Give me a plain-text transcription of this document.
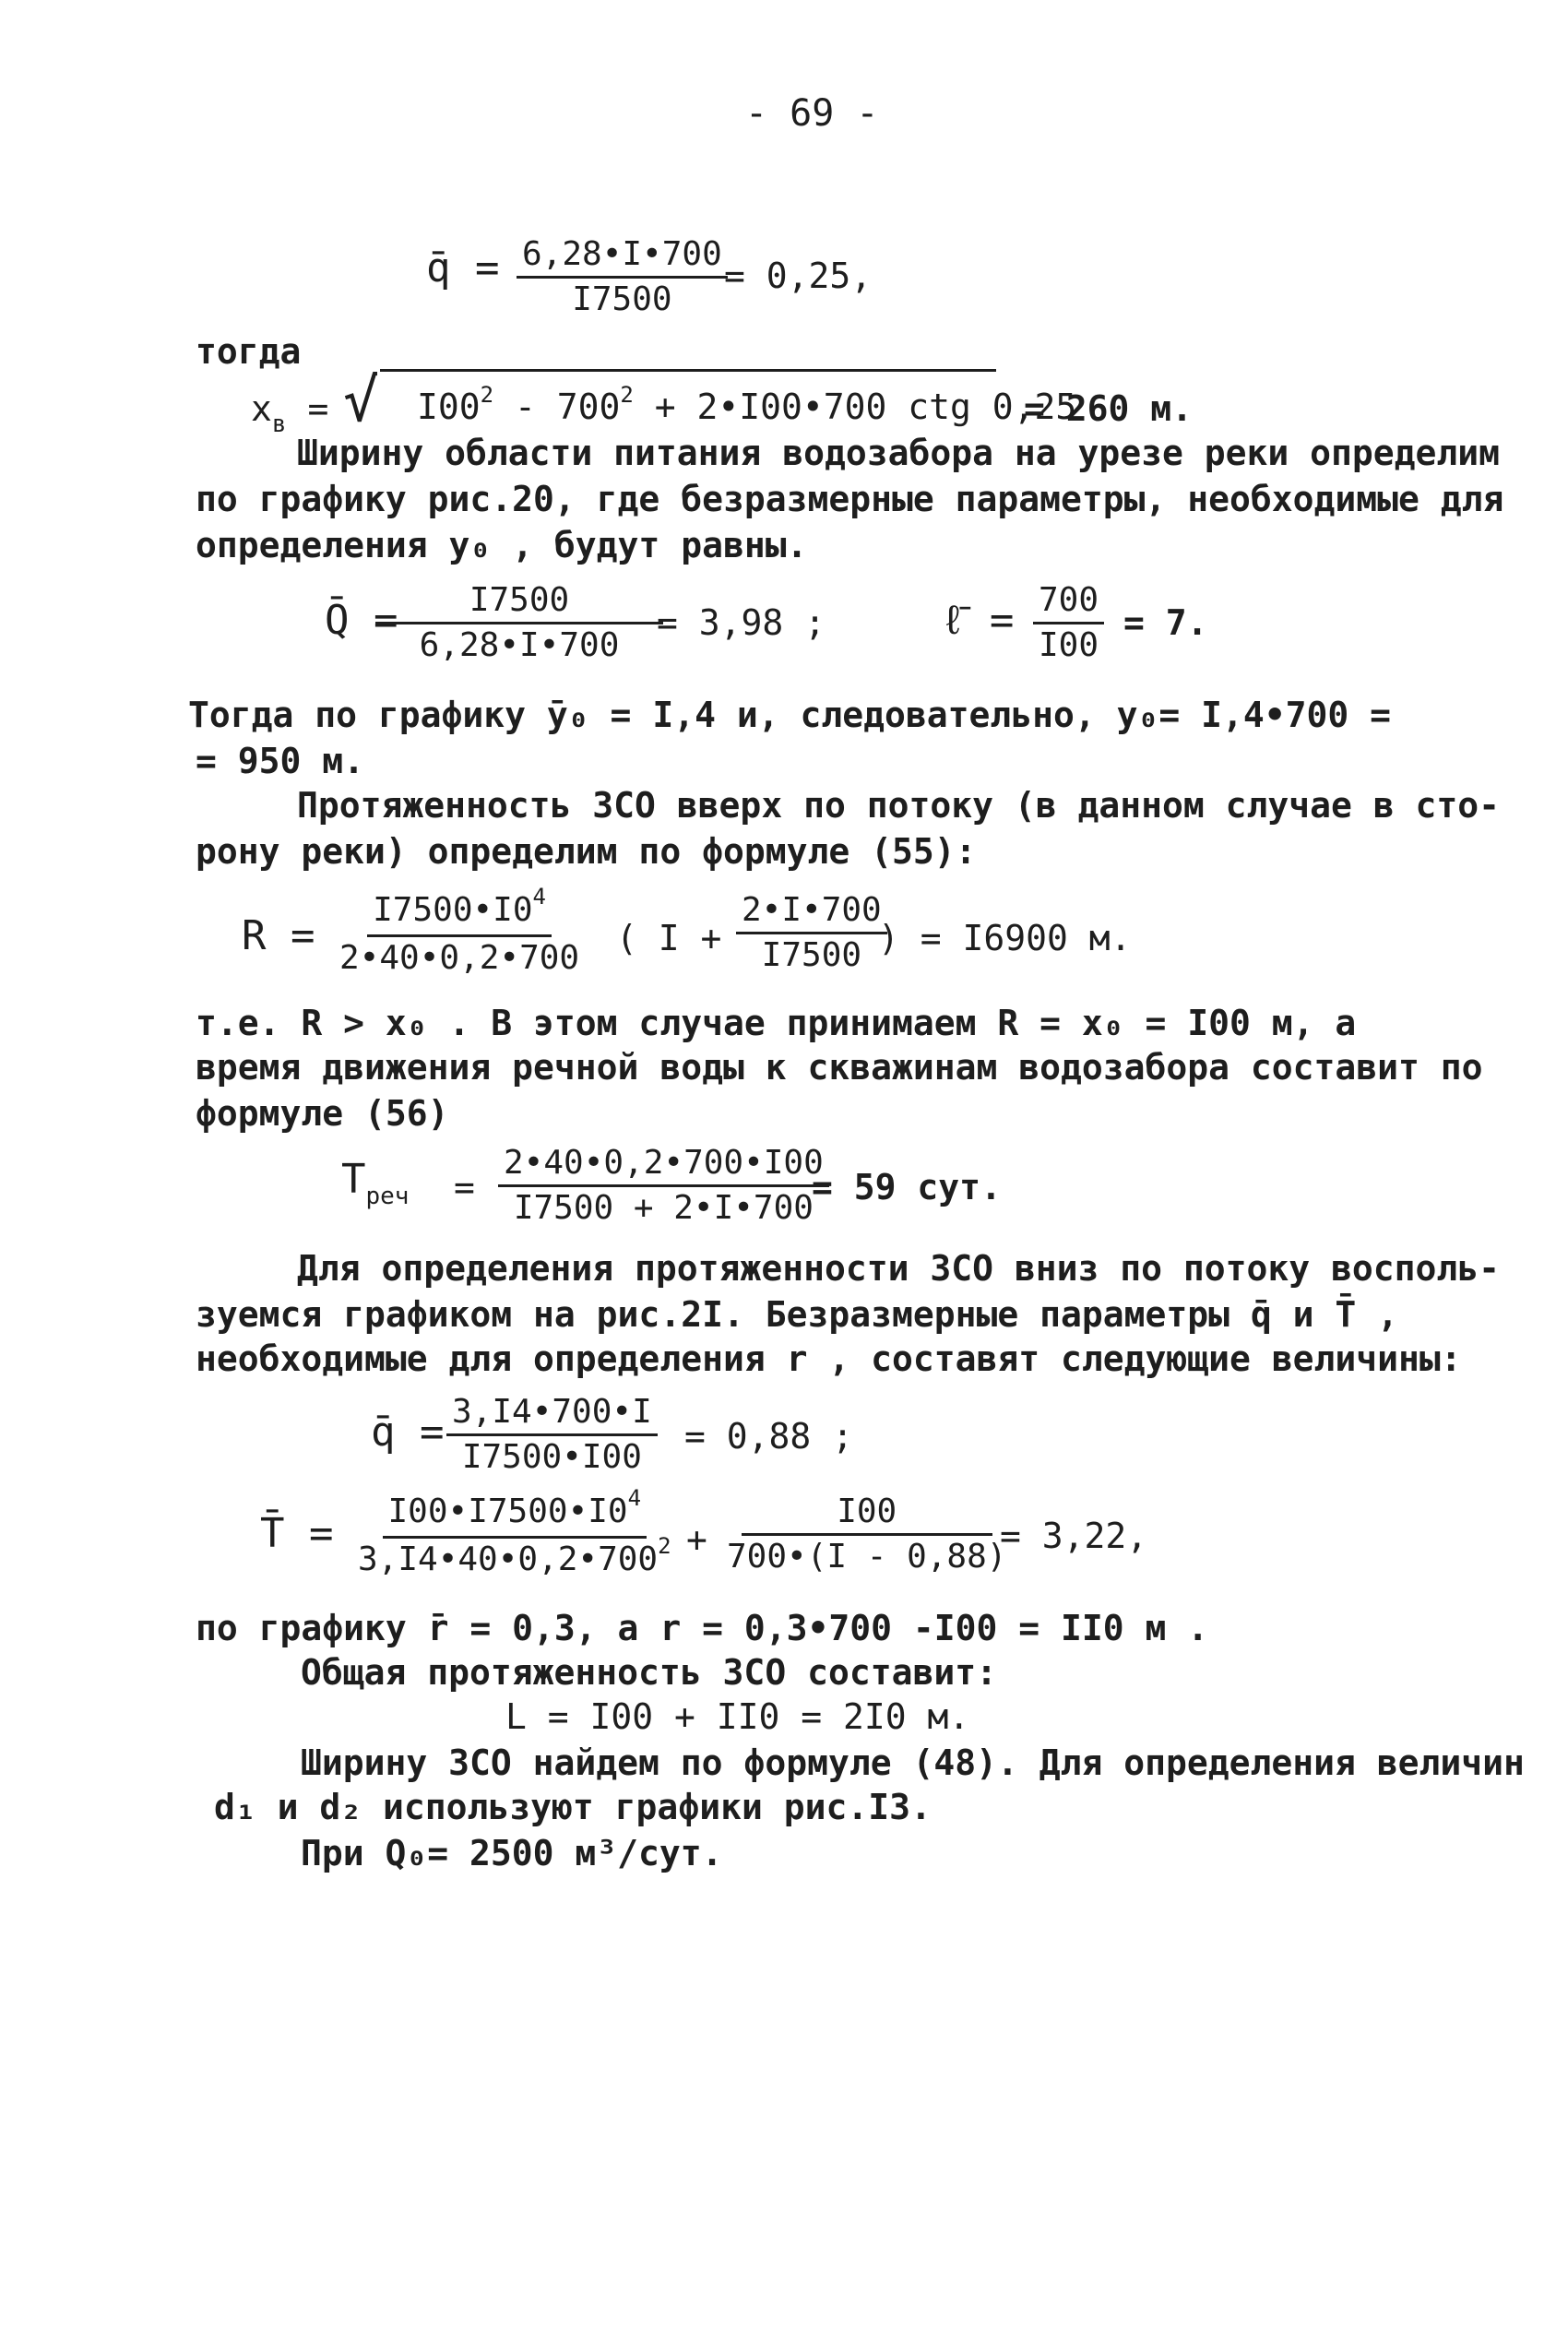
- 69 -
q̄ = $\frac{6,28•I•700}{I7500}$
= 0,25,
тогда
$x_в$ = √ $I00^2 - 700^2$ + 2•I00•700 ctg 0,25
= 260 м.
Ширину области питания водозабора на урезе реки определим
по графику рис.20, где безразмерные параметры, необходимые для
определения y₀ , будут равны.
Q̄ =
$\frac{I7500}{6,28•I•700}$
= 3,98 ;	ℓ̄ = $\frac{700}{I00} = 7$.
Тогда по графику ȳ₀ = I,4 и, следовательно, y₀= I,4•700 =
= 950 м.
Протяженность ЗСО вверх по потоку (в данном случае в сто-
рону реки) определим по формуле (55):
$R = \frac{I7500•I0^4}{2•40•0,2•700}$ ( $I + \frac{2•I•700}{I7500}$
) = I6900 м.
т.е. R > x₀ . В этом случае принимаем R = x₀ = I00 м, а
время движения речной воды к скважинам водозабора составит по
формуле (56)
$T_{реч} = \frac{2•40•0,2•700•I00}{I7500 + 2•I•700}$
= 59 сут.
Для определения протяженности ЗСО вниз по потоку восполь-
зуемся графиком на рис.2I. Безразмерные параметры q̄ и T̄ ,
необходимые для определения r , составят следующие величины:
q̄ = $\frac{3,I4•700•I}{I7500•I00} = 0,88$ ;
T̄ = $\frac{I00•I7500•I0^4}{3,I4•40•0,2•700^2} + \frac{I00}{700•(I - 0,88)}$
= 3,22,
по графику r̄ = 0,3, а r = 0,3•700 -I00 = II0 м .
Общая протяженность ЗСО составит:
L = I00 + II0 = 2I0 м.
Ширину ЗСО найдем по формуле (48). Для определения величин
d₁ и d₂ используют графики рис.I3.
При Q₀= 2500 м³/сут.
